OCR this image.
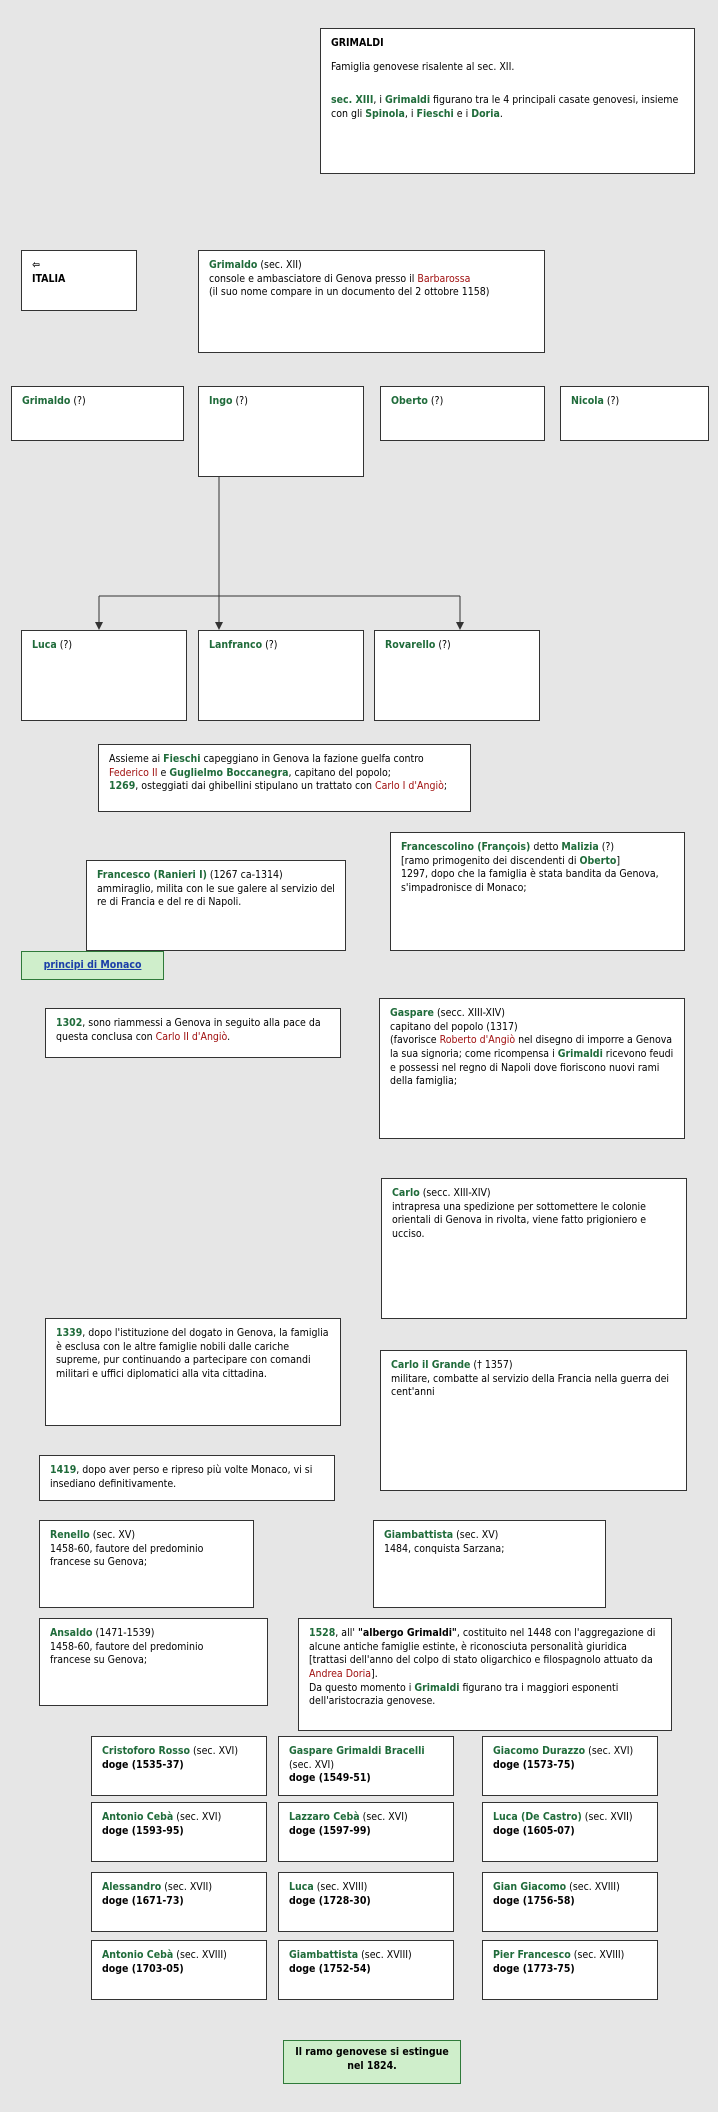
GRIMALDI

Famiglia genovese risalente al sec. XII.

sec. XIII, i Grimaldi figurano tra le 4 principali casate genovesi, insieme con gli Spinola, i Fieschi e i Doria.

⇦

ITALIA

Grimaldo (sec. XII)

console e ambasciatore di Genova presso il Barbarossa

(il suo nome compare in un documento del 2 ottobre 1158)

Grimaldo (?)	Ingo (?)	Oberto (?)	Nicola (?)

Luca (?)	Lanfranco (?)	Rovarello (?)

Assieme ai Fieschi capeggiano in Genova la fazione guelfa contro Federico II e Guglielmo Boccanegra, capitano del popolo;
1269, osteggiati dai ghibellini stipulano un trattato con Carlo I d'Angiò;

Francesco (Ranieri I) (1267 ca-1314)

ammiraglio, milita con le sue galere al servizio del re di Francia e del re di Napoli.

Francescolino (François) detto Malizia (?)

[ramo primogenito dei discendenti di Oberto]

1297, dopo che la famiglia è stata bandita da Genova, s'impadronisce di Monaco;

principi di Monaco

1302, sono riammessi a Genova in seguito alla pace da questa conclusa con Carlo II d'Angiò.

Gaspare (secc. XIII-XIV)

capitano del popolo (1317)

(favorisce Roberto d'Angiò nel disegno di imporre a Genova la sua signoria; come ricompensa i Grimaldi ricevono feudi e possessi nel regno di Napoli dove fioriscono nuovi rami della famiglia;

Carlo (secc. XIII-XIV)

intrapresa una spedizione per sottomettere le colonie orientali di Genova in rivolta, viene fatto prigioniero e ucciso.

1339, dopo l'istituzione del dogato in Genova, la famiglia è esclusa con le altre famiglie nobili dalle cariche supreme, pur continuando a partecipare con comandi militari e uffici diplomatici alla vita cittadina.

Carlo il Grande († 1357)

militare, combatte al servizio della Francia nella guerra dei cent'anni

1419, dopo aver perso e ripreso più volte Monaco, vi si insediano definitivamente.

Renello (sec. XV)

1458-60, fautore del predominio

francese su Genova;

Giambattista (sec. XV)

1484, conquista Sarzana;

Ansaldo (1471-1539)

1458-60, fautore del predominio

francese su Genova;

1528, all' "albergo Grimaldi", costituito nel 1448 con l'aggregazione di alcune antiche famiglie estinte, è riconosciuta personalità giuridica

[trattasi dell'anno del colpo di stato oligarchico e filospagnolo attuato da Andrea Doria].

Da questo momento i Grimaldi figurano tra i maggiori esponenti dell'aristocrazia genovese.

Cristoforo Rosso (sec. XVI)

doge (1535-37)

Gaspare Grimaldi Bracelli (sec. XVI)

doge (1549-51)

Giacomo Durazzo (sec. XVI)

doge (1573-75)

Antonio Cebà (sec. XVI)

doge (1593-95)

Lazzaro Cebà (sec. XVI)

doge (1597-99)

Luca (De Castro) (sec. XVII)

doge (1605-07)

Alessandro (sec. XVII)

doge (1671-73)

Luca (sec. XVIII)

doge (1728-30)

Gian Giacomo (sec. XVIII)

doge (1756-58)

Antonio Cebà (sec. XVIII)

doge (1703-05)

Giambattista (sec. XVIII)

doge (1752-54)

Pier Francesco (sec. XVIII)

doge (1773-75)

Il ramo genovese si estingue nel 1824.
